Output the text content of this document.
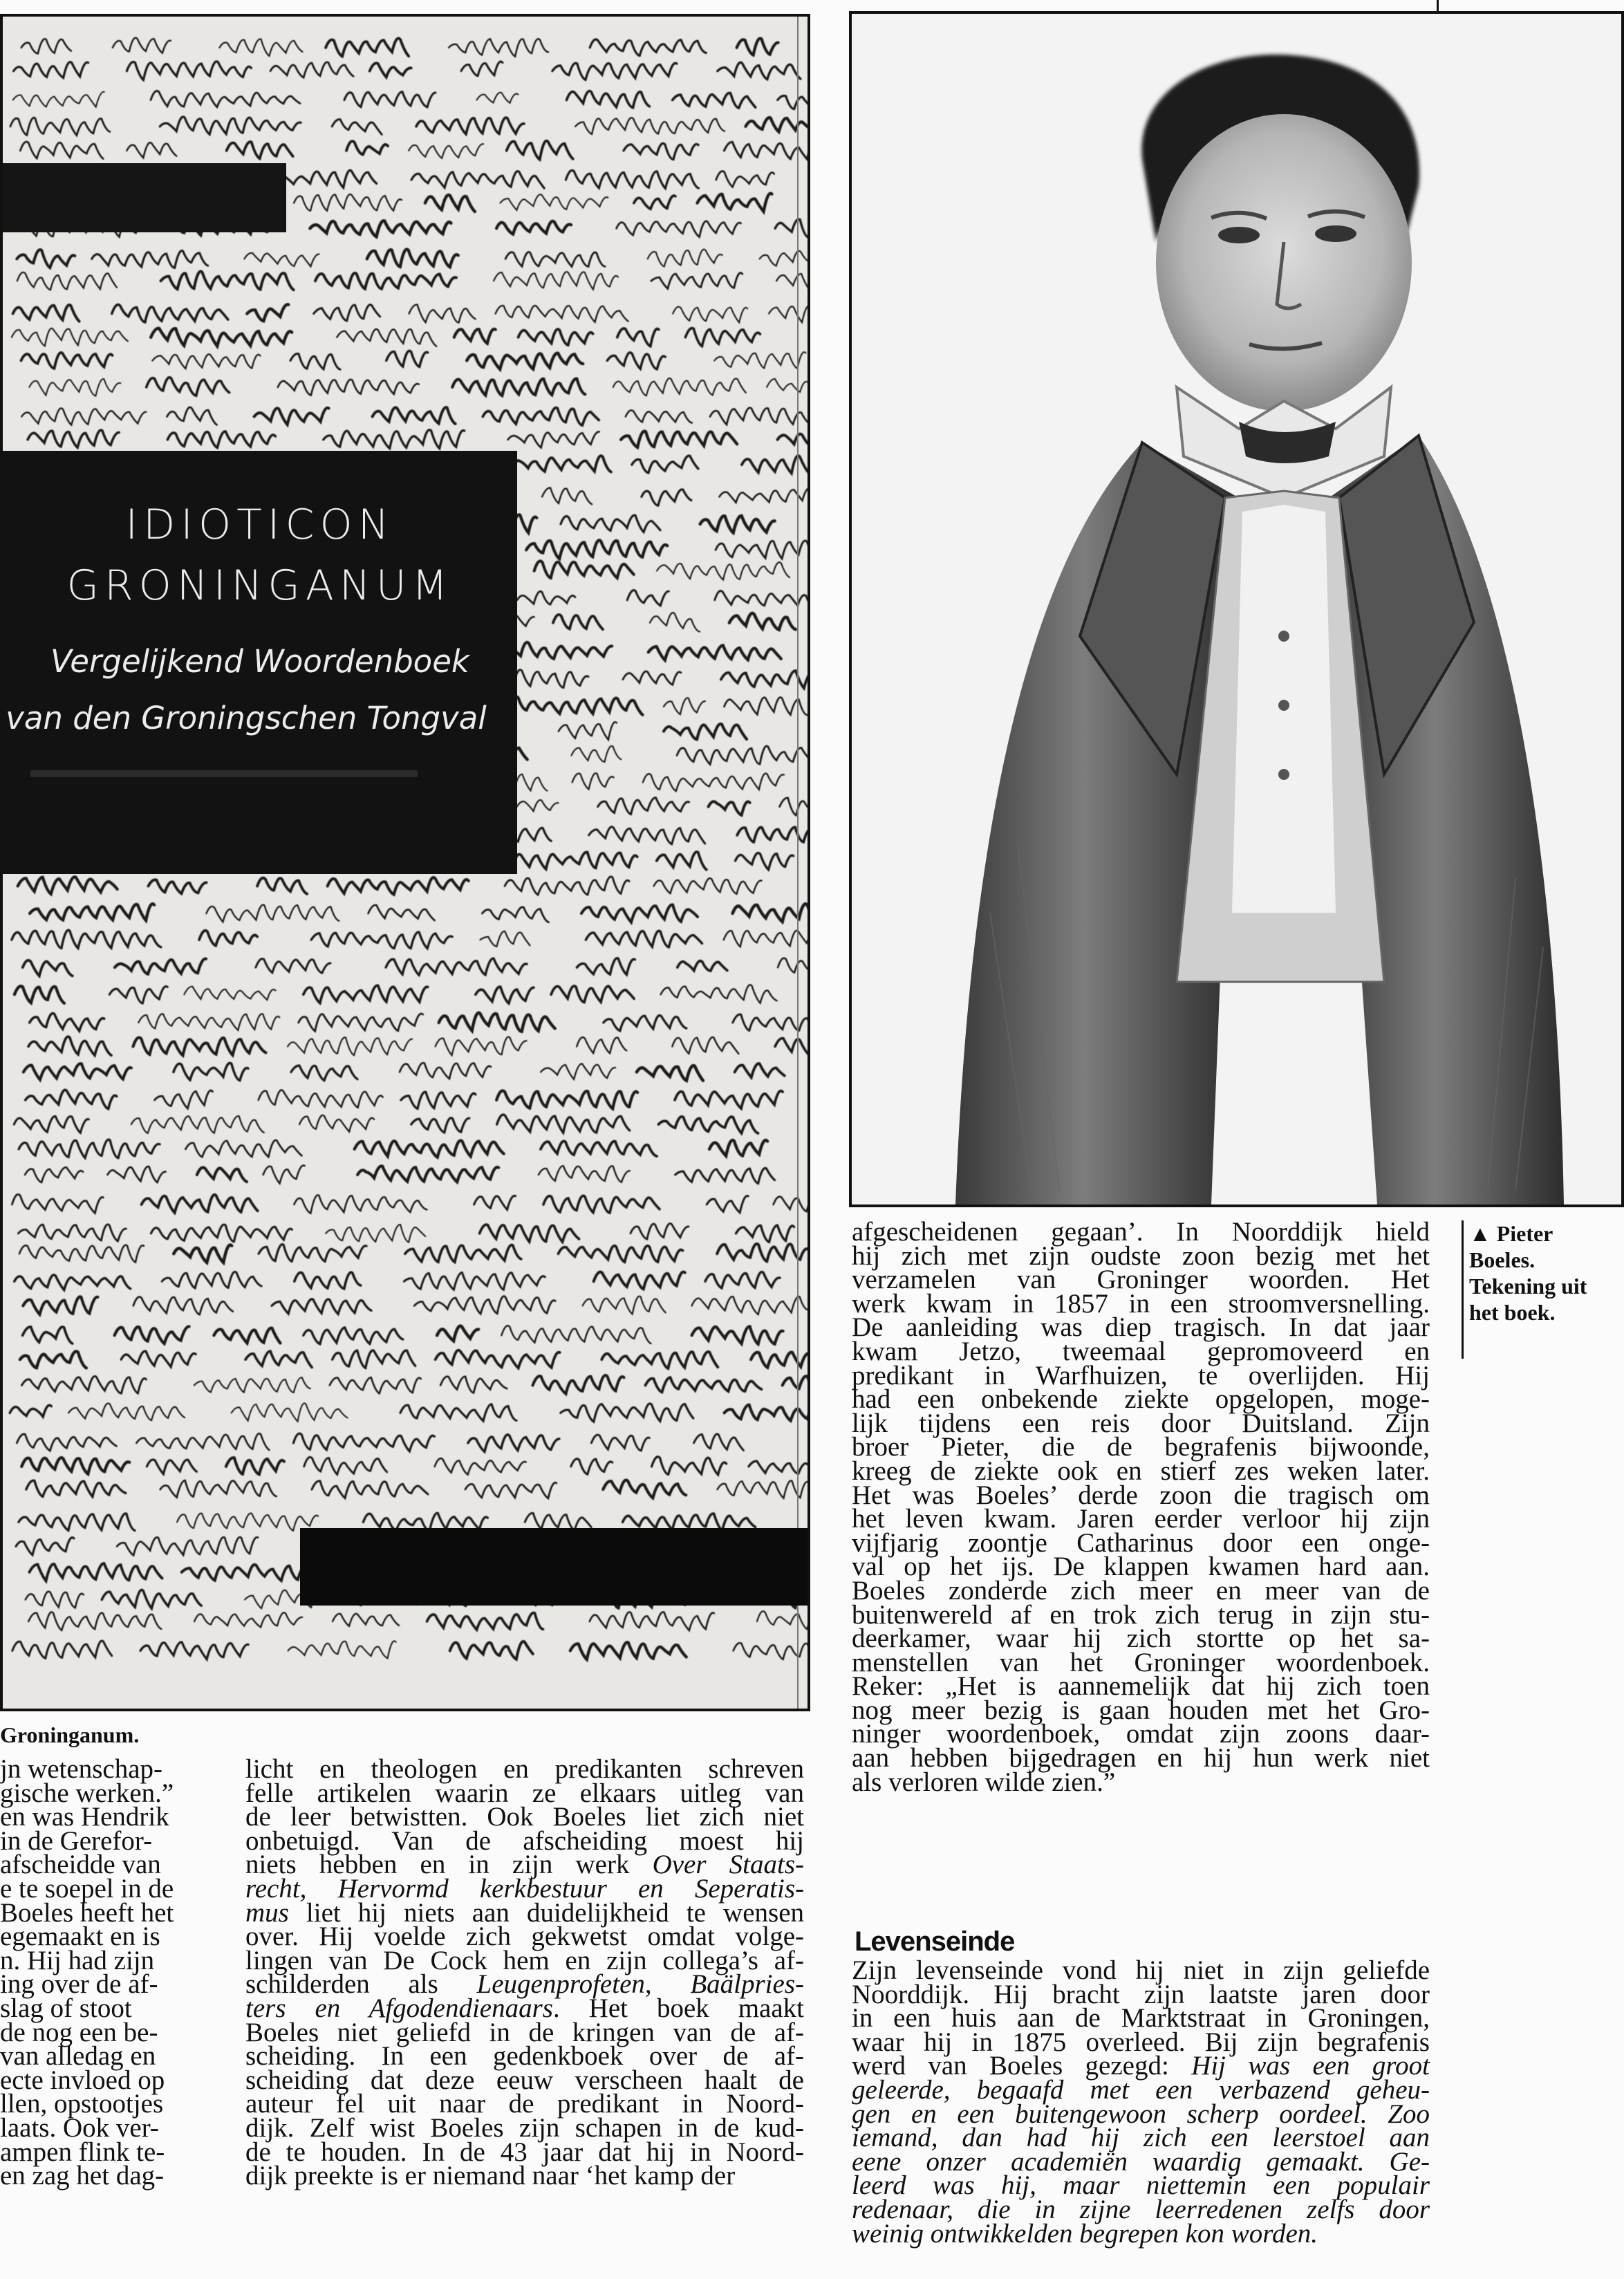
IDIOTICON
GRONINGANUM
Vergelijkend Woordenboek
van den Groningschen Tongval
Groninganum.
▲ Pieter
Boeles.
Tekening uit
het boek.
jn wetenschap-
gische werken.”
en was Hendrik
in de Gerefor-
afscheidde van
e te soepel in de
Boeles heeft het
egemaakt en is
n. Hij had zijn
ing over de af-
slag of stoot
de nog een be-
van alledag en
ecte invloed op
llen, opstootjes
laats. Ook ver-
ampen flink te-
en zag het dag-
licht en theologen en predikanten schreven
felle artikelen waarin ze elkaars uitleg van
de leer betwistten. Ook Boeles liet zich niet
onbetuigd. Van de afscheiding moest hij
niets hebben en in zijn werk Over Staats-
recht, Hervormd kerkbestuur en Seperatis-
mus liet hij niets aan duidelijkheid te wensen
over. Hij voelde zich gekwetst omdat volge-
lingen van De Cock hem en zijn collega’s af-
schilderden als Leugenprofeten, Baälpries-
ters en Afgodendienaars. Het boek maakt
Boeles niet geliefd in de kringen van de af-
scheiding. In een gedenkboek over de af-
scheiding dat deze eeuw verscheen haalt de
auteur fel uit naar de predikant in Noord-
dijk. Zelf wist Boeles zijn schapen in de kud-
de te houden. In de 43 jaar dat hij in Noord-
dijk preekte is er niemand naar ‘het kamp der
afgescheidenen gegaan’. In Noorddijk hield
hij zich met zijn oudste zoon bezig met het
verzamelen van Groninger woorden. Het
werk kwam in 1857 in een stroomversnelling.
De aanleiding was diep tragisch. In dat jaar
kwam Jetzo, tweemaal gepromoveerd en
predikant in Warfhuizen, te overlijden. Hij
had een onbekende ziekte opgelopen, moge-
lijk tijdens een reis door Duitsland. Zijn
broer Pieter, die de begrafenis bijwoonde,
kreeg de ziekte ook en stierf zes weken later.
Het was Boeles’ derde zoon die tragisch om
het leven kwam. Jaren eerder verloor hij zijn
vijfjarig zoontje Catharinus door een onge-
val op het ijs. De klappen kwamen hard aan.
Boeles zonderde zich meer en meer van de
buitenwereld af en trok zich terug in zijn stu-
deerkamer, waar hij zich stortte op het sa-
menstellen van het Groninger woordenboek.
Reker: „Het is aannemelijk dat hij zich toen
nog meer bezig is gaan houden met het Gro-
ninger woordenboek, omdat zijn zoons daar-
aan hebben bijgedragen en hij hun werk niet
als verloren wilde zien.”
Levenseinde
Zijn levenseinde vond hij niet in zijn geliefde
Noorddijk. Hij bracht zijn laatste jaren door
in een huis aan de Marktstraat in Groningen,
waar hij in 1875 overleed. Bij zijn begrafenis
werd van Boeles gezegd: Hij was een groot
geleerde, begaafd met een verbazend geheu-
gen en een buitengewoon scherp oordeel. Zoo
iemand, dan had hij zich een leerstoel aan
eene onzer academiën waardig gemaakt. Ge-
leerd was hij, maar niettemin een populair
redenaar, die in zijne leerredenen zelfs door
weinig ontwikkelden begrepen kon worden.
